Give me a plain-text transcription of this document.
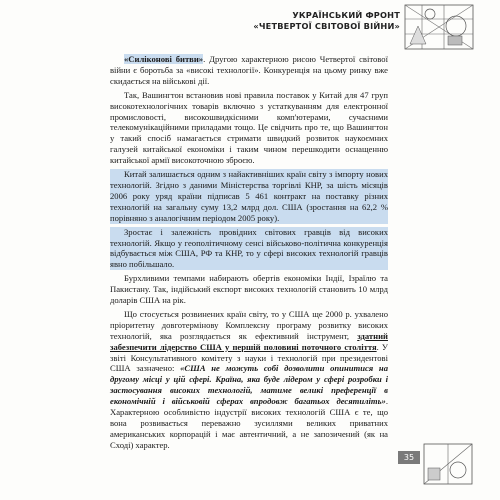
УКРАЇНСЬКИЙ ФРОНТ
«ЧЕТВЕРТОЇ СВІТОВОЇ ВІЙНИ»

«Силіконові битви». Другою характерною рисою Четвертої світової війни є боротьба за «високі технології». Конкуренція на цьому ринку вже скидається на військові дії.

Так, Вашингтон встановив нові правила поставок у Китай для 47 груп високотехнологічних товарів включно з устаткуванням для електронної промисловості, високошвидкісними комп'ютерами, сучасними телекомунікаційними приладами тощо. Це свідчить про те, що Вашингтон у такий спосіб намагається стримати швидкий розвиток наукоємних галузей китайської економіки і таким чином перешкодити оснащенню китайської армії високоточною зброєю.

Китай залишається одним з найактивніших країн світу з імпорту нових технологій. Згідно з даними Міністерства торгівлі КНР, за шість місяців 2006 року уряд країни підписав 5 461 контракт на поставку різних технологій на загальну суму 13,2 млрд дол. США (зростання на 62,2 % порівняно з аналогічним періодом 2005 року).

Зростає і залежність провідних світових гравців від високих технологій. Якщо у геополітичному сенсі військово-політична конкуренція відбувається між США, РФ та КНР, то у сфері високих технологій гравців явно побільшало.

Бурхливими темпами набирають обертів економіки Індії, Ізраїлю та Пакистану. Так, індійський експорт високих технологій становить 10 млрд доларів США на рік.

Що стосується розвинених країн світу, то у США ще 2000 р. ухвалено пріоритетну довготермінову Комплексну програму розвитку високих технологій, яка розглядається як ефективний інструмент, здатний забезпечити лідерство США у першій половині поточного століття. У звіті Консультативного комітету з науки і технологій при президентові США зазначено: «США не можуть собі дозволити опинитися на другому місці у цій сфері. Країна, яка буде лідером у сфері розробки і застосування високих технологій, матиме великі преференції в економічній і військовій сферах впродовж багатьох десятиліть». Характерною особливістю індустрії високих технологій США є те, що вона розвивається переважно зусиллями великих приватних американських корпорацій і має автентичний, а не запозичений (як на Сході) характер.

35
